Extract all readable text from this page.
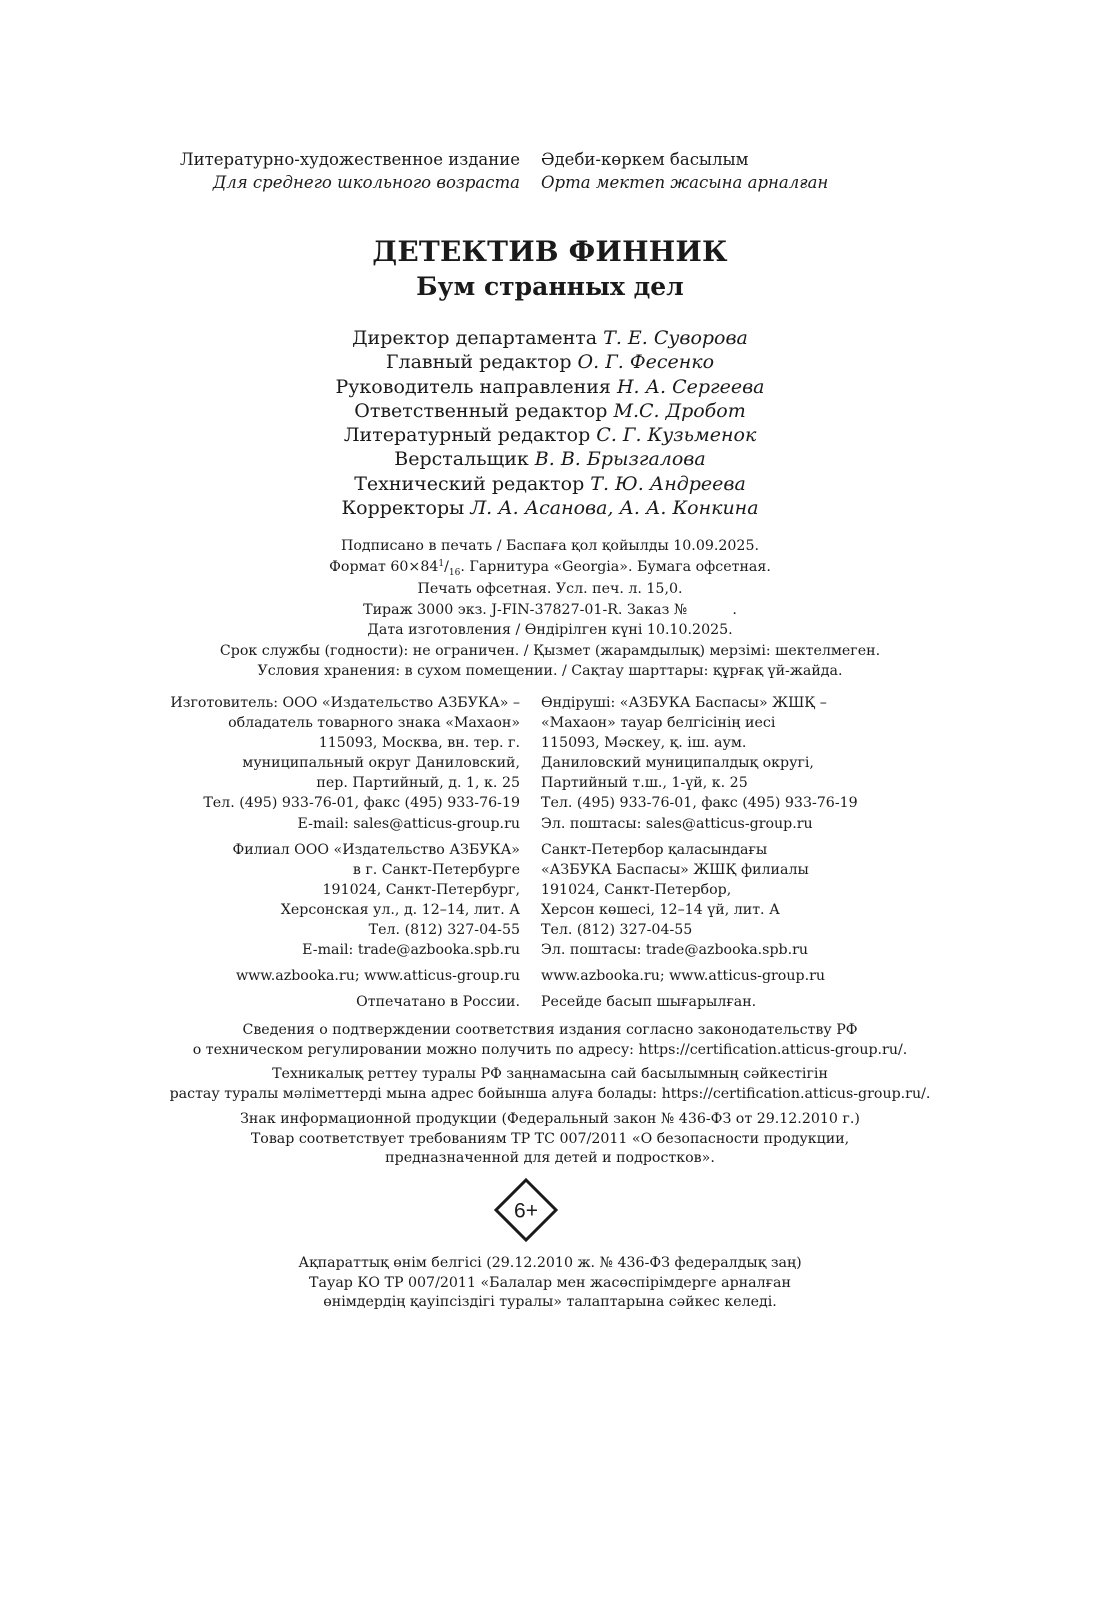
Литературно-художественное издание
Для среднего школьного возраста
Әдеби-көркем басылым
Орта мектеп жасына арналған
ДЕТЕКТИВ ФИННИК
Бум странных дел
Директор департамента Т. Е. Суворова
Главный редактор О. Г. Фесенко
Руководитель направления Н. А. Сергеева
Ответственный редактор М.С. Дробот
Литературный редактор С. Г. Кузьменок
Верстальщик В. В. Брызгалова
Технический редактор Т. Ю. Андреева
Корректоры Л. А. Асанова, А. А. Конкина
Подписано в печать / Баспаға қол қойылды 10.09.2025.
Формат $60\times 84^1/_{16}$. Гарнитура «Georgia». Бумага офсетная.
Печать офсетная. Усл. печ. л. 15,0.
Тираж 3000 экз. J-FIN-37827-01-R. Заказ №          .
Дата изготовления / Өндірілген күні 10.10.2025.
Срок службы (годности): не ограничен. / Қызмет (жарамдылық) мерзімі: шектелмеген.
Условия хранения: в сухом помещении. / Сақтау шарттары: құрғақ үй-жайда.
Изготовитель: ООО «Издательство АЗБУКА» –
обладатель товарного знака «Махаон»
115093, Москва, вн. тер. г.
муниципальный округ Даниловский,
пер. Партийный, д. 1, к. 25
Тел. (495) 933-76-01, факс (495) 933-76-19
E-mail: sales@atticus-group.ru
Филиал ООО «Издательство АЗБУКА»
в г. Санкт-Петербурге
191024, Санкт-Петербург,
Херсонская ул., д. 12–14, лит. А
Тел. (812) 327-04-55
E-mail: trade@azbooka.spb.ru
www.azbooka.ru; www.atticus-group.ru
Отпечатано в России.
Өндіруші: «АЗБУКА Баспасы» ЖШҚ –
«Махаон» тауар белгісінің иесі
115093, Мәскеу, қ. іш. аум.
Даниловский муниципалдық округі,
Партийный т.ш., 1-үй, к. 25
Тел. (495) 933-76-01, факс (495) 933-76-19
Эл. поштасы: sales@atticus-group.ru
Санкт-Петербор қаласындағы
«АЗБУКА Баспасы» ЖШҚ филиалы
191024, Санкт-Петербор,
Херсон көшесі, 12–14 үй, лит. А
Тел. (812) 327-04-55
Эл. поштасы: trade@azbooka.spb.ru
www.azbooka.ru; www.atticus-group.ru
Ресейде басып шығарылған.
Сведения о подтверждении соответствия издания согласно законодательству РФ
о техническом регулировании можно получить по адресу: https://certification.atticus-group.ru/.
Техникалық реттеу туралы РФ заңнамасына сай басылымның сәйкестігін
растау туралы мәліметтерді мына адрес бойынша алуға болады: https://certification.atticus-group.ru/.
Знак информационной продукции (Федеральный закон № 436-ФЗ от 29.12.2010 г.)
Товар соответствует требованиям ТР ТС 007/2011 «О безопасности продукции,
предназначенной для детей и подростков».
6+
Ақпараттық өнім белгісі (29.12.2010 ж. № 436-ФЗ федералдық заң)
Тауар КО ТР 007/2011 «Балалар мен жасөспірімдерге арналған
өнімдердің қауіпсіздігі туралы» талаптарына сәйкес келеді.
